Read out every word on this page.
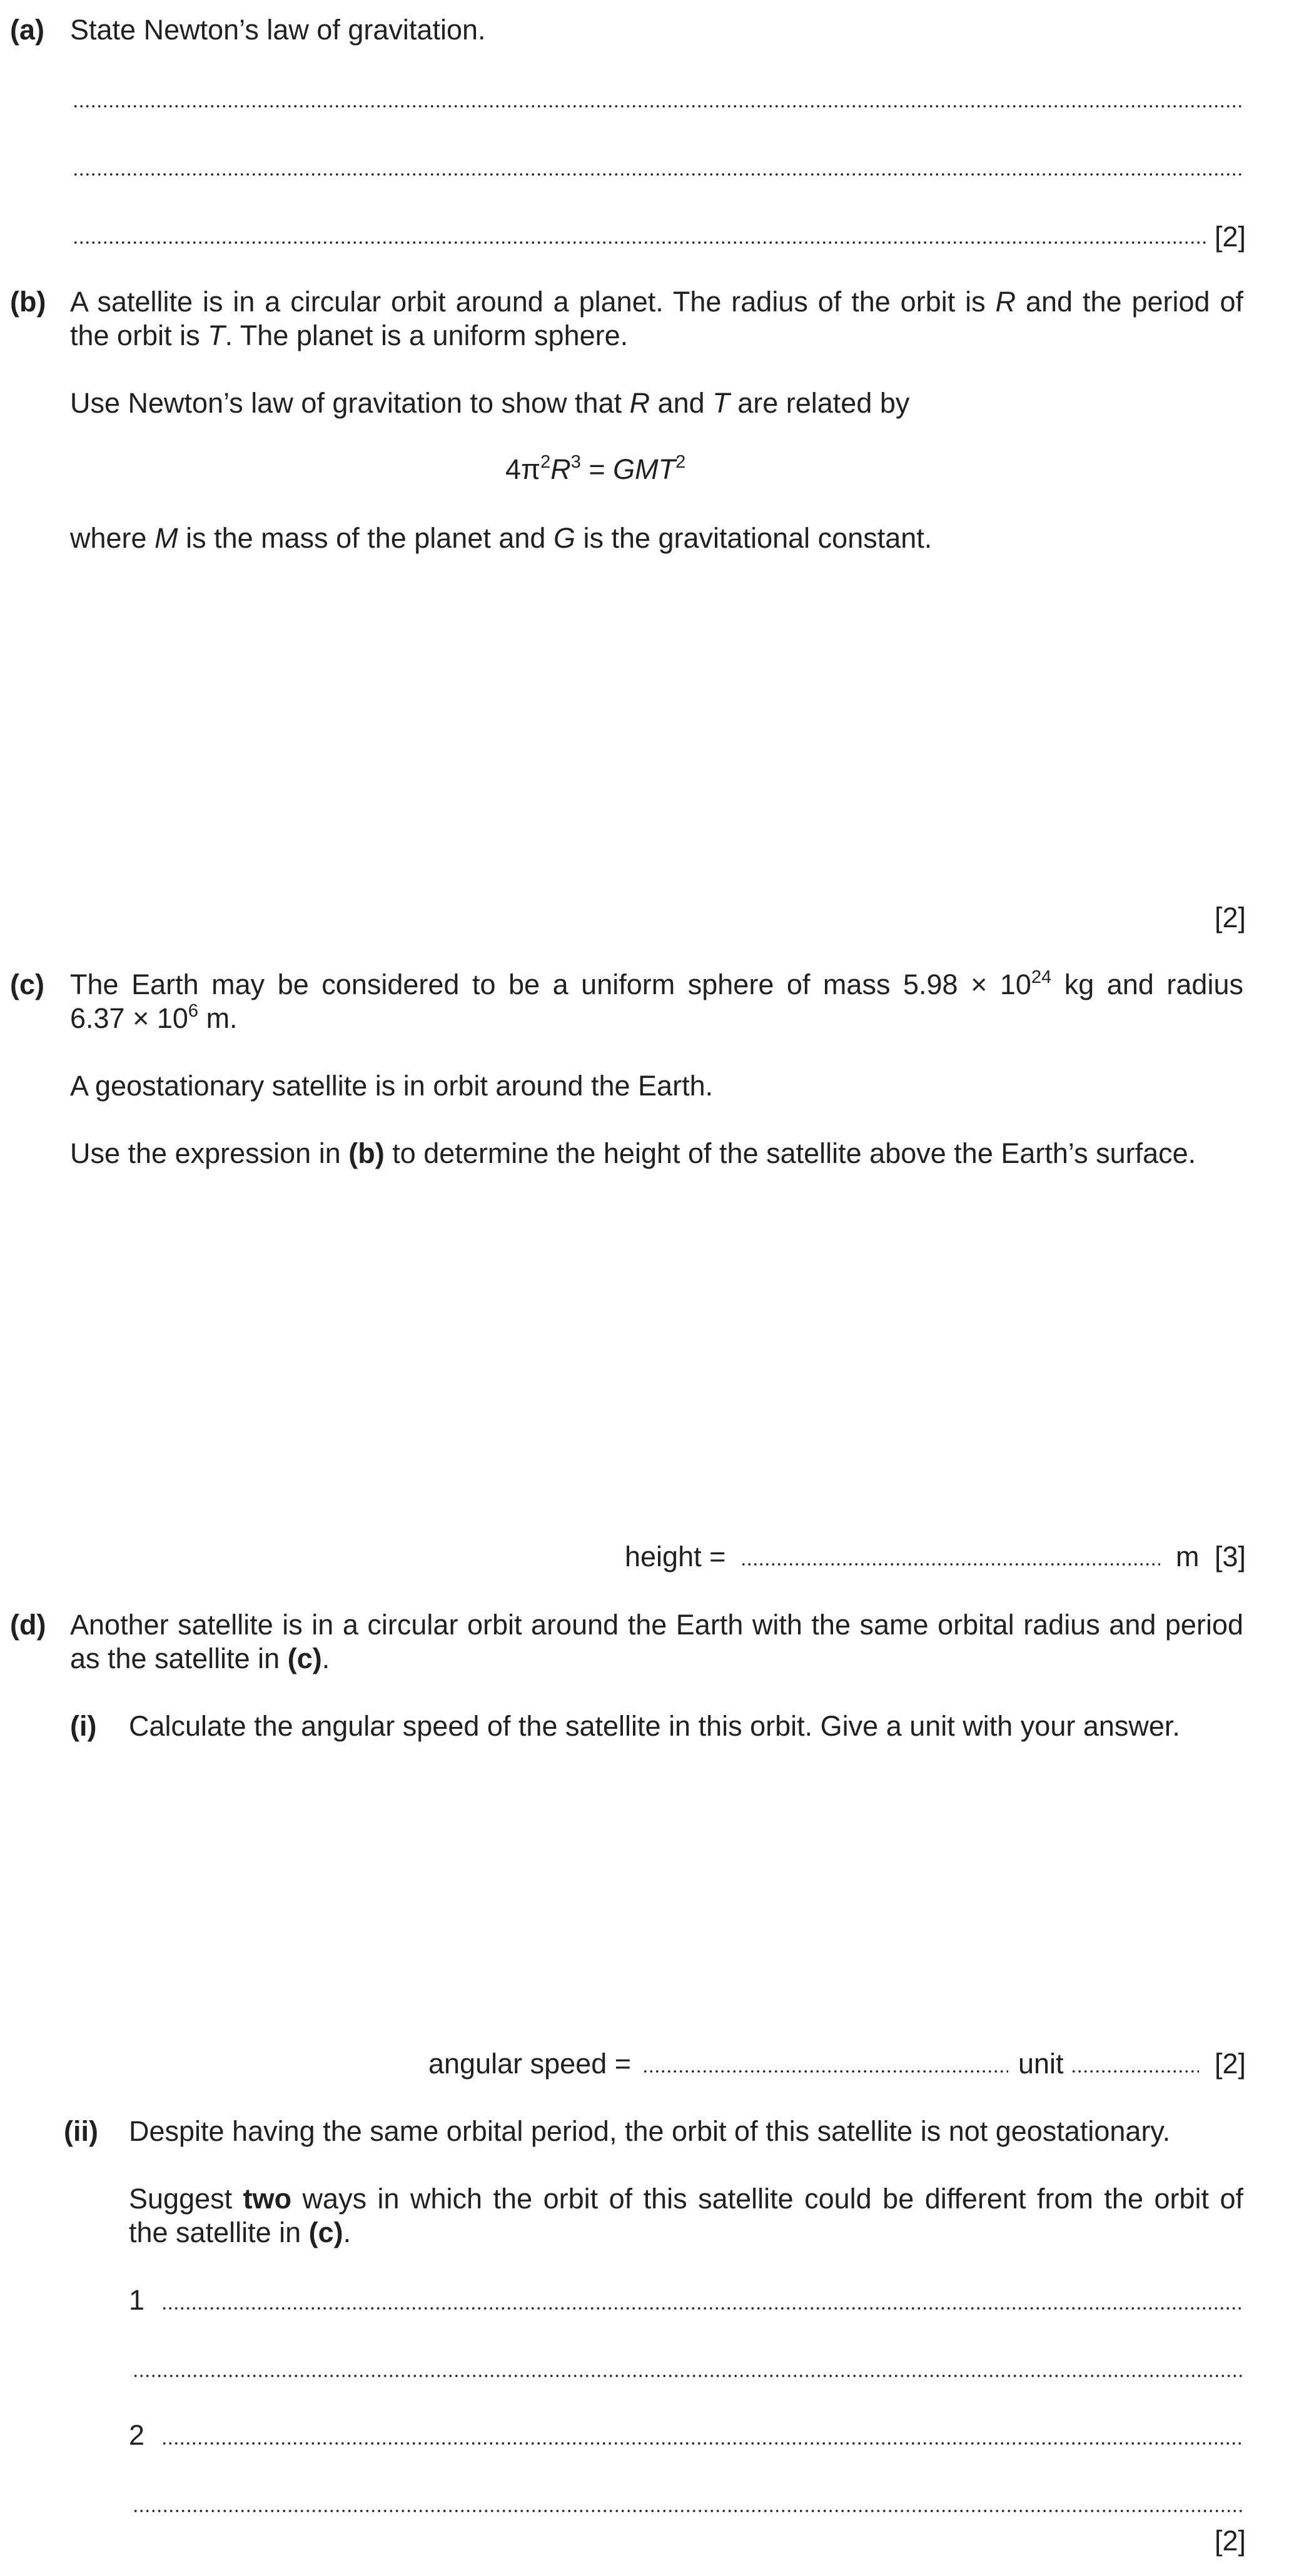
(a) State Newton’s law of gravitation.
[2]
(b) A satellite is in a circular orbit around a planet. The radius of the orbit is R and the period of
the orbit is T. The planet is a uniform sphere.
Use Newton’s law of gravitation to show that R and T are related by
$4\pi^2R^3 = GMT^2$
where M is the mass of the planet and G is the gravitational constant.
[2]
(c) The Earth may be considered to be a uniform sphere of mass $5.98 \times 10^{24}$ kg and radius
$6.37 \times 10^6$ m.
A geostationary satellite is in orbit around the Earth.
Use the expression in (b) to determine the height of the satellite above the Earth’s surface.
height =	m [3]
(d) Another satellite is in a circular orbit around the Earth with the same orbital radius and period
as the satellite in (c).
(i) Calculate the angular speed of the satellite in this orbit. Give a unit with your answer.
angular speed =	unit	[2]
(ii) Despite having the same orbital period, the orbit of this satellite is not geostationary.
Suggest two ways in which the orbit of this satellite could be different from the orbit of
the satellite in (c).
1
2
[2]
